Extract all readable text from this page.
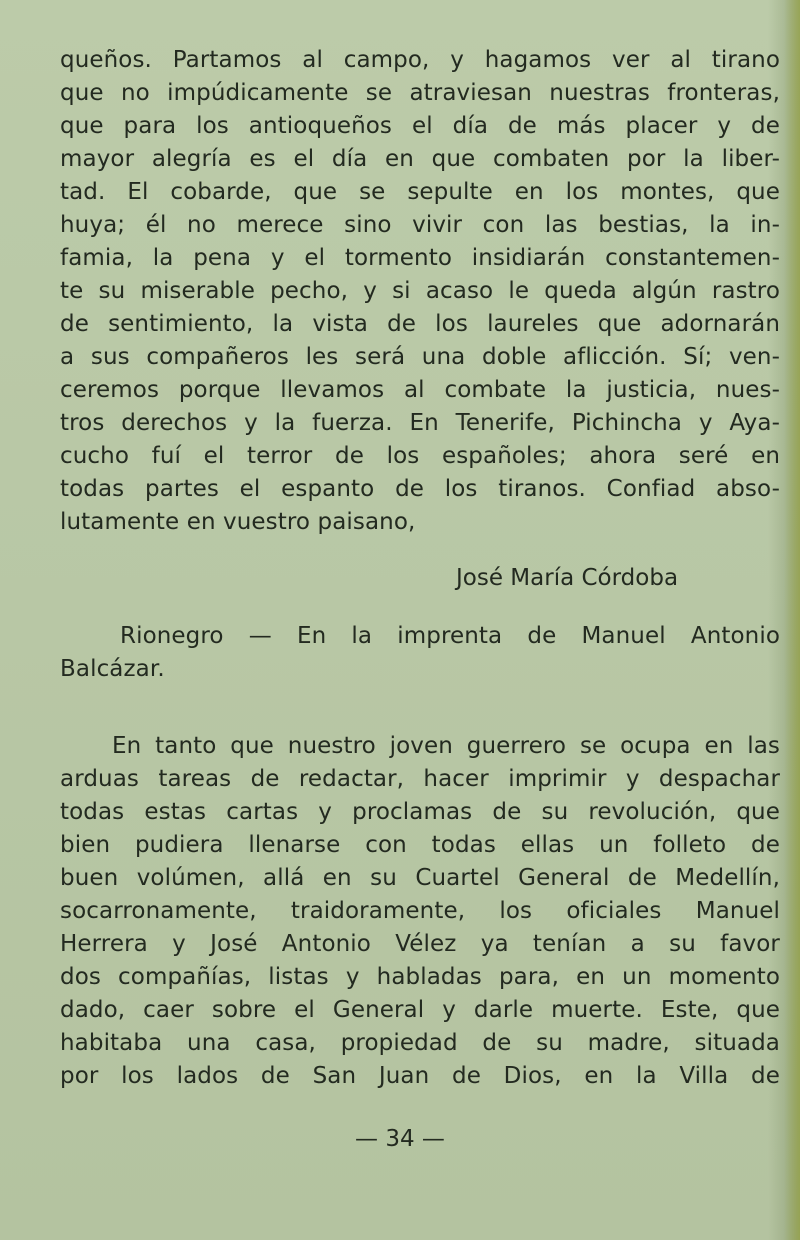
queños. Partamos al campo, y hagamos ver al tirano
que no impúdicamente se atraviesan nuestras fronteras,
que para los antioqueños el día de más placer y de
mayor alegría es el día en que combaten por la liber-
tad. El cobarde, que se sepulte en los montes, que
huya; él no merece sino vivir con las bestias, la in-
famia, la pena y el tormento insidiarán constantemen-
te su miserable pecho, y si acaso le queda algún rastro
de sentimiento, la vista de los laureles que adornarán
a sus compañeros les será una doble aflicción. Sí; ven-
ceremos porque llevamos al combate la justicia, nues-
tros derechos y la fuerza. En Tenerife, Pichincha y Aya-
cucho fuí el terror de los españoles; ahora seré en
todas partes el espanto de los tiranos. Confiad abso-
lutamente en vuestro paisano,
José María Córdoba
Rionegro — En la imprenta de Manuel Antonio
Balcázar.
En tanto que nuestro joven guerrero se ocupa en las
arduas tareas de redactar, hacer imprimir y despachar
todas estas cartas y proclamas de su revolución, que
bien pudiera llenarse con todas ellas un folleto de
buen volúmen, allá en su Cuartel General de Medellín,
socarronamente, traidoramente, los oficiales Manuel
Herrera y José Antonio Vélez ya tenían a su favor
dos compañías, listas y habladas para, en un momento
dado, caer sobre el General y darle muerte. Este, que
habitaba una casa, propiedad de su madre, situada
por los lados de San Juan de Dios, en la Villa de
— 34 —
